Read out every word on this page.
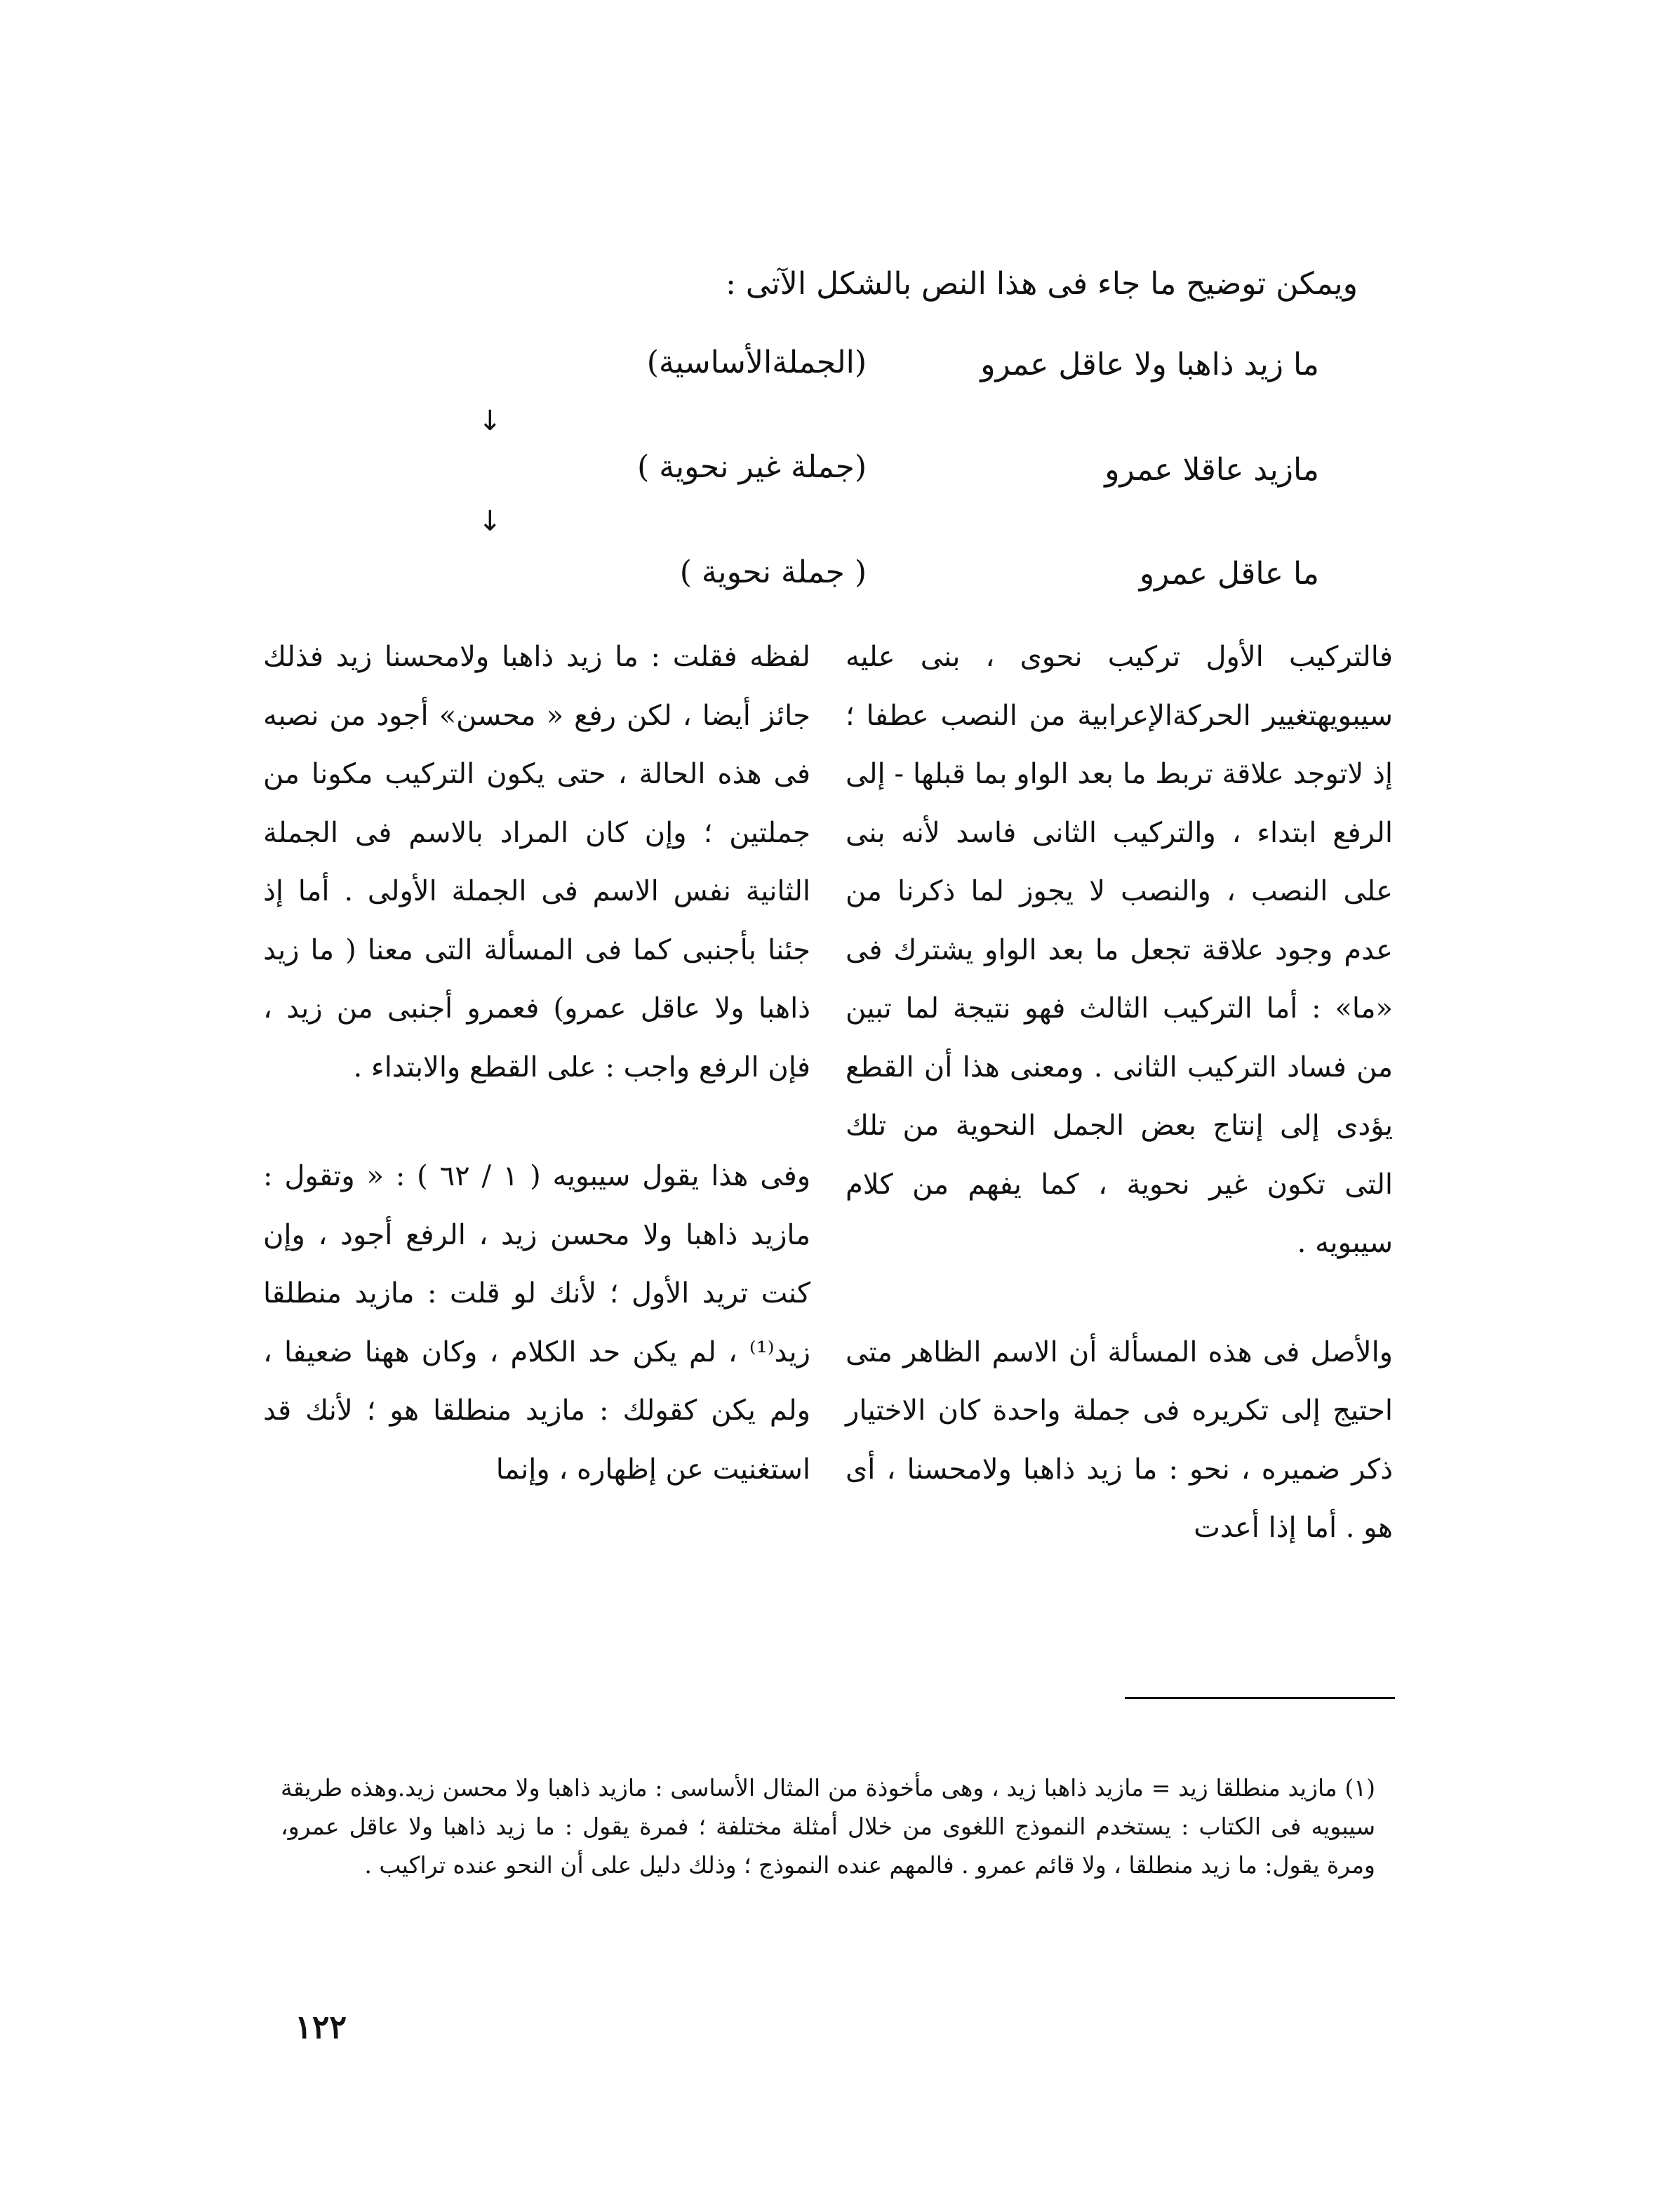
ويمكن توضيح ما جاء فى هذا النص بالشكل الآتى :
ما زيد ذاهبا ولا عاقل عمرو
(الجملةالأساسية)
↓
مازيد عاقلا عمرو
(جملة غير نحوية )
↓
ما عاقل عمرو
( جملة نحوية )

فالتركيب الأول تركيب نحوى ، بنى عليه سيبويهتغيير الحركةالإعرابية من النصب عطفا ؛ إذ لاتوجد علاقة تربط ما بعد الواو بما قبلها - إلى الرفع ابتداء ، والتركيب الثانى فاسد لأنه بنى على النصب ، والنصب لا يجوز لما ذكرنا من عدم وجود علاقة تجعل ما بعد الواو يشترك فى «ما» : أما التركيب الثالث فهو نتيجة لما تبين من فساد التركيب الثانى . ومعنى هذا أن القطع يؤدى إلى إنتاج بعض الجمل النحوية من تلك التى تكون غير نحوية ، كما يفهم من كلام سيبويه .

والأصل فى هذه المسألة أن الاسم الظاهر متى احتيج إلى تكريره فى جملة واحدة كان الاختيار ذكر ضميره ، نحو : ما زيد ذاهبا ولامحسنا ، أى هو . أما إذا أعدت

لفظه فقلت : ما زيد ذاهبا ولامحسنا زيد فذلك جائز أيضا ، لكن رفع « محسن» أجود من نصبه فى هذه الحالة ، حتى يكون التركيب مكونا من جملتين ؛ وإن كان المراد بالاسم فى الجملة الثانية نفس الاسم فى الجملة الأولى . أما إذ جئنا بأجنبى كما فى المسألة التى معنا ( ما زيد ذاهبا ولا عاقل عمرو) فعمرو أجنبى من زيد ، فإن الرفع واجب : على القطع والابتداء .

وفى هذا يقول سيبويه ( ١ / ٦٢ ) : « وتقول : مازيد ذاهبا ولا محسن زيد ، الرفع أجود ، وإن كنت تريد الأول ؛ لأنك لو قلت : مازيد منطلقا زيد⁽¹⁾ ، لم يكن حد الكلام ، وكان ههنا ضعيفا ، ولم يكن كقولك : مازيد منطلقا هو ؛ لأنك قد استغنيت عن إظهاره ، وإنما

(١) مازيد منطلقا زيد = مازيد ذاهبا زيد ، وهى مأخوذة من المثال الأساسى : مازيد ذاهبا ولا محسن زيد.وهذه طريقة سيبويه فى الكتاب : يستخدم النموذج اللغوى من خلال أمثلة مختلفة ؛ فمرة يقول : ما زيد ذاهبا ولا عاقل عمرو، ومرة يقول: ما زيد منطلقا ، ولا قائم عمرو . فالمهم عنده النموذج ؛ وذلك دليل على أن النحو عنده تراكيب .

١٢٢
